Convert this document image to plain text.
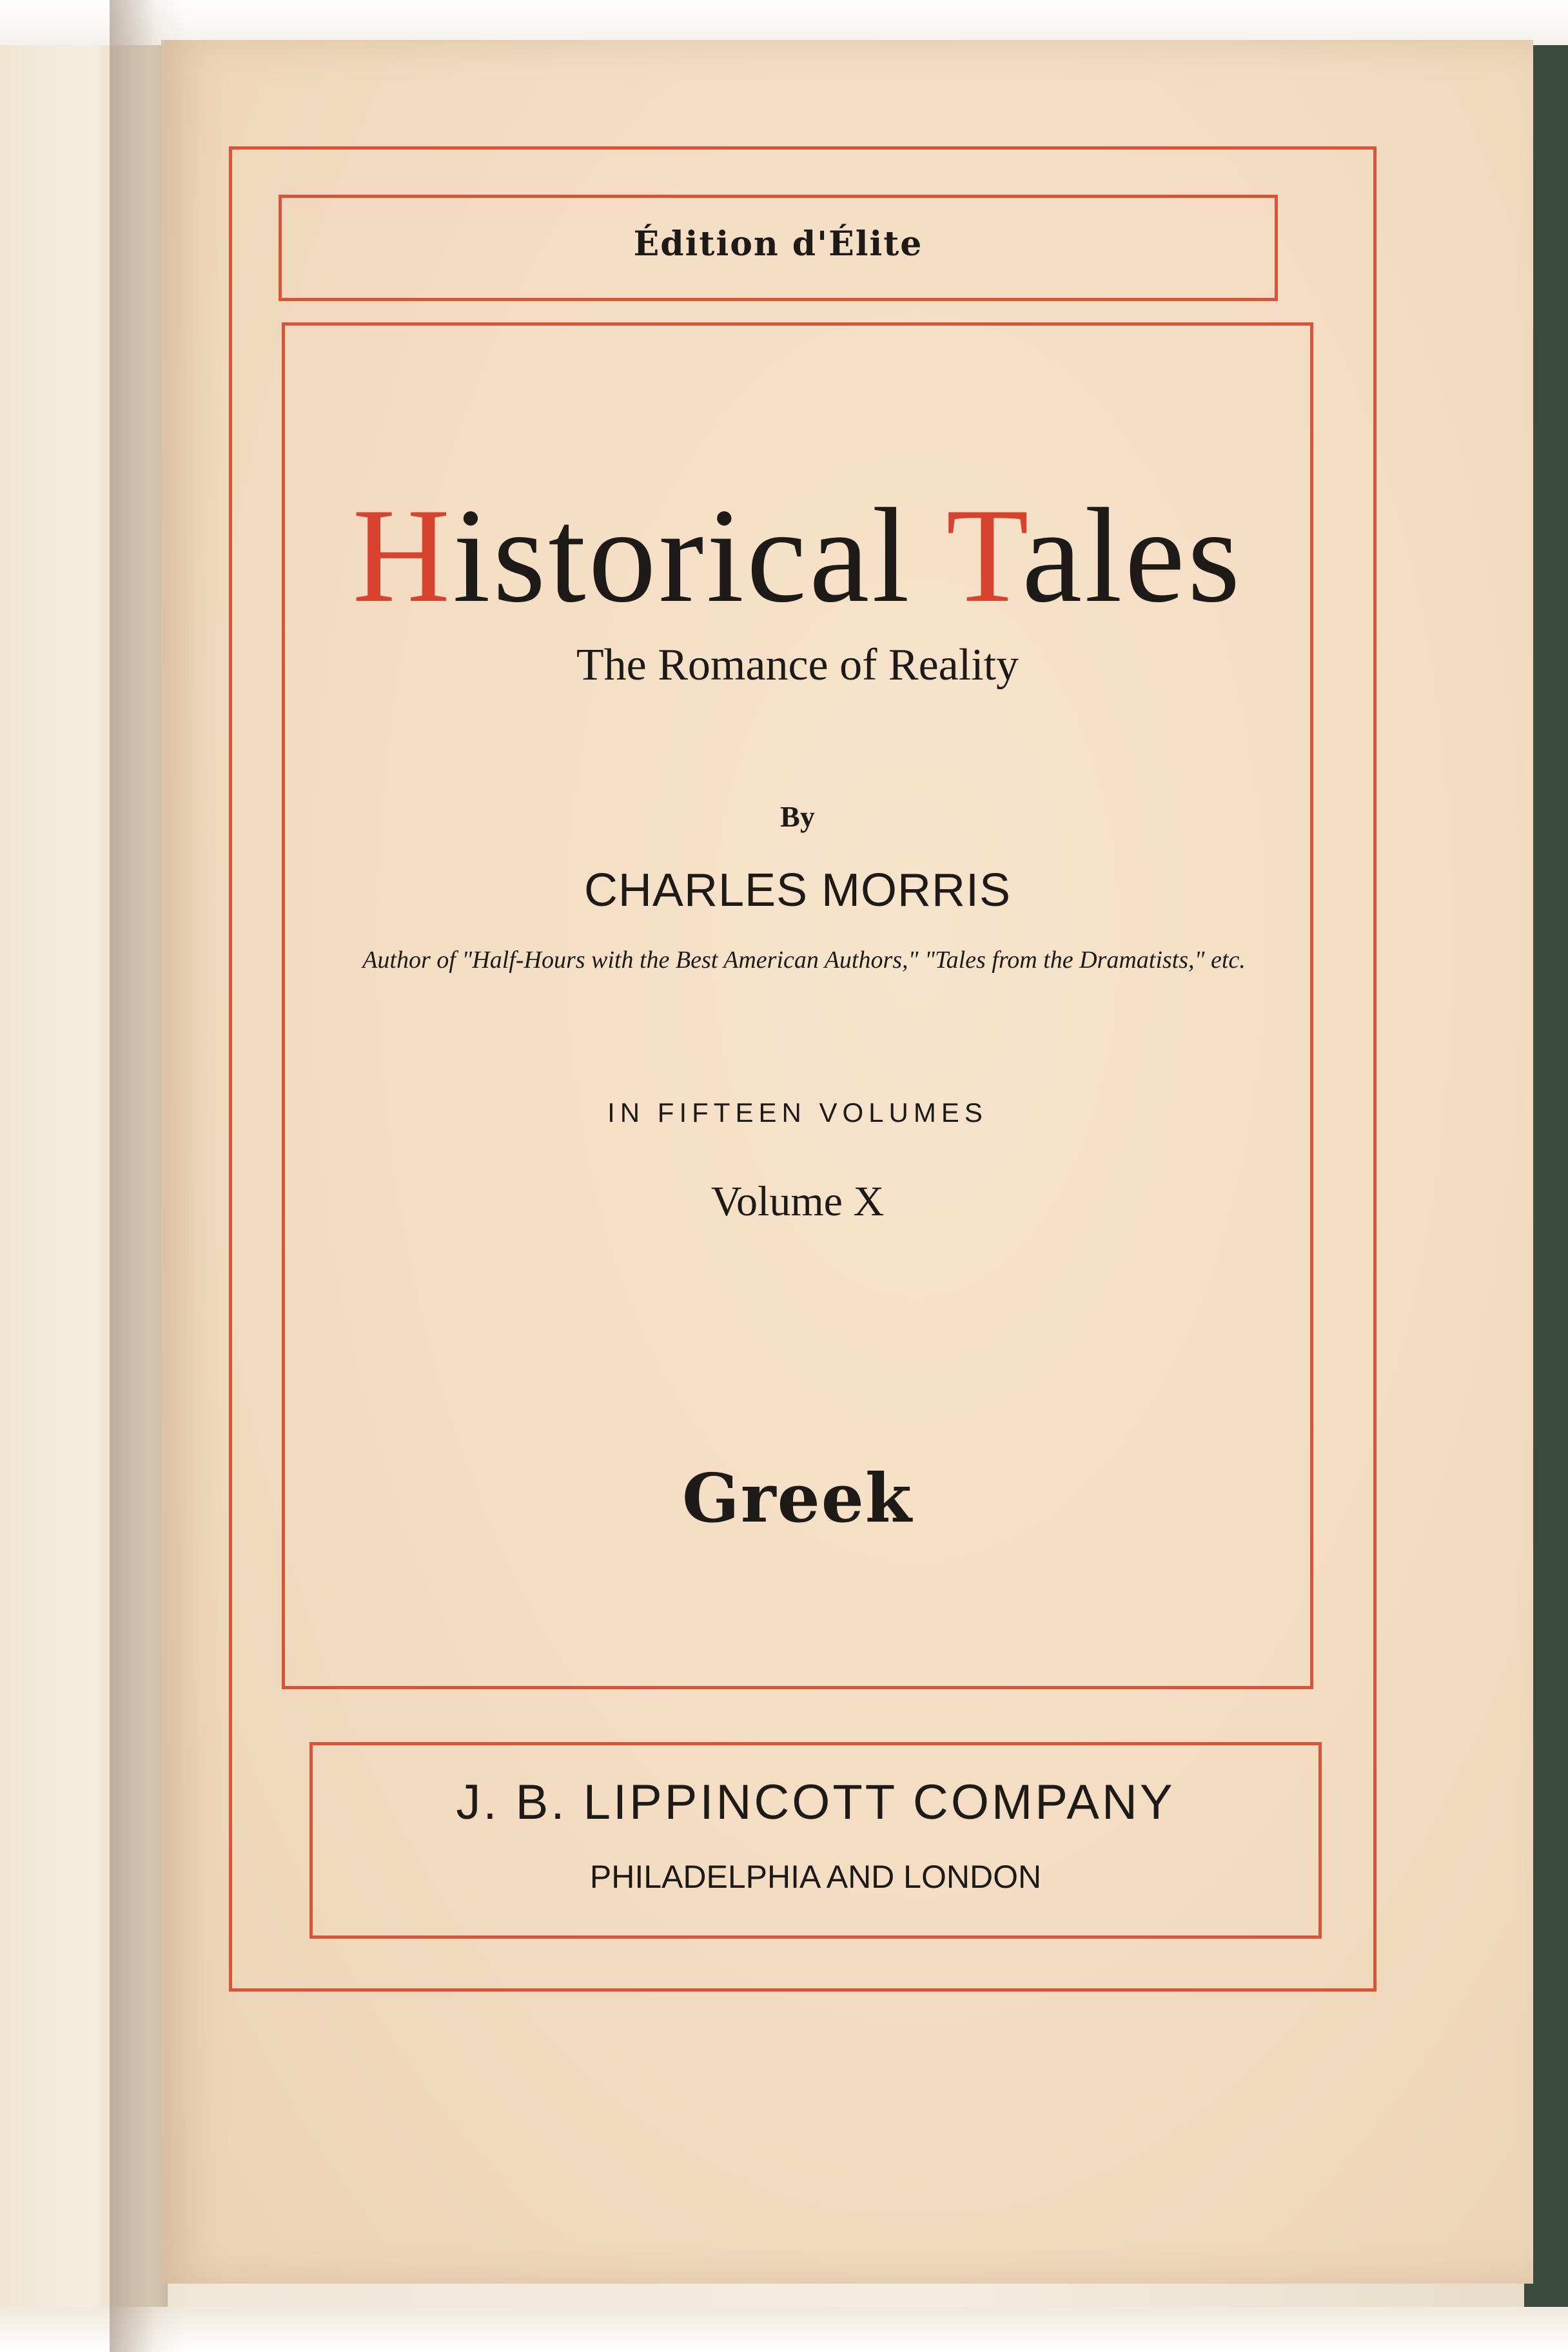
Édition d'Élite
Historical Tales
The Romance of Reality
By
CHARLES MORRIS
Author of "Half-Hours with the Best American Authors," "Tales from the Dramatists," etc.
IN FIFTEEN VOLUMES
Volume X
Greek
J. B. LIPPINCOTT COMPANY
PHILADELPHIA AND LONDON
